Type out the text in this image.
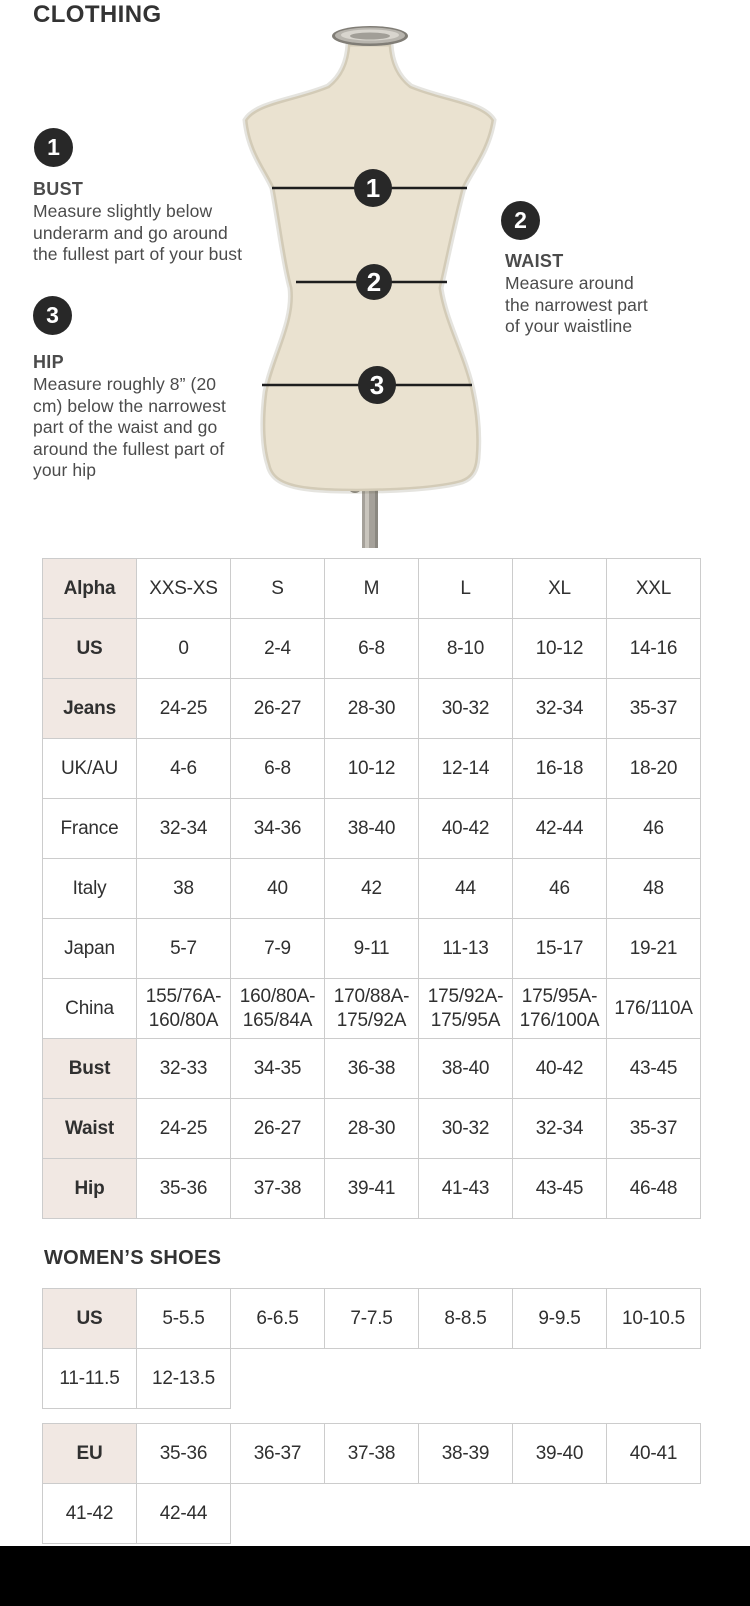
CLOTHING
1
2
3
1
BUST
Measure slightly below
underarm and go around
the fullest part of your bust
2
WAIST
Measure around
the narrowest part
of your waistline
3
HIP
Measure roughly 8” (20
cm) below the narrowest
part of the waist and go
around the fullest part of
your hip
Alpha	XXS-XS	S	M	L	XL	XXL
US	0	2-4	6-8	8-10	10-12	14-16
Jeans	24-25	26-27	28-30	30-32	32-34	35-37
UK/AU	4-6	6-8	10-12	12-14	16-18	18-20
France	32-34	34-36	38-40	40-42	42-44	46
Italy	38	40	42	44	46	48
Japan	5-7	7-9	9-11	11-13	15-17	19-21
China	155/76A-160/80A	160/80A-165/84A	170/88A-175/92A	175/92A-175/95A	175/95A-176/100A	176/110A
Bust	32-33	34-35	36-38	38-40	40-42	43-45
Waist	24-25	26-27	28-30	30-32	32-34	35-37
Hip	35-36	37-38	39-41	41-43	43-45	46-48
WOMEN’S SHOES
US	5-5.5	6-6.5	7-7.5	8-8.5	9-9.5	10-10.5
11-11.5	12-13.5					
EU	35-36	36-37	37-38	38-39	39-40	40-41
41-42	42-44					
